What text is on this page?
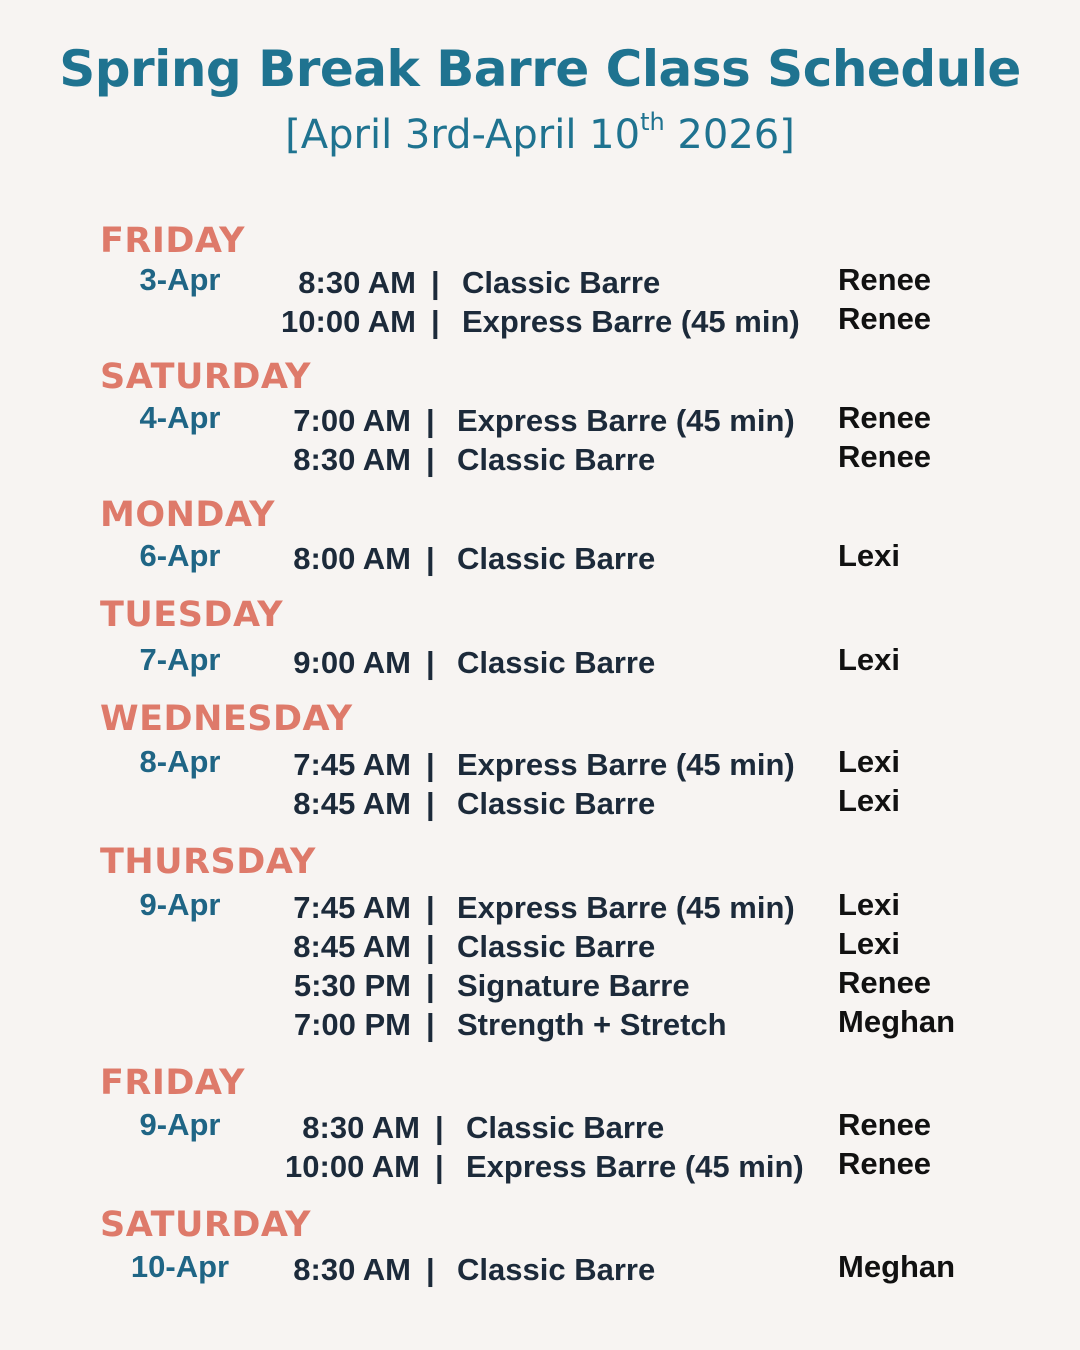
Spring Break Barre Class Schedule

[April 3rd-April 10th 2026]

FRIDAY
3-Apr	8:30 AM | Classic Barre	Renee
10:00 AM | Express Barre (45 min) Renee
SATURDAY
4-Apr	7:00 AM | Express Barre (45 min) Renee
8:30 AM | Classic Barre	Renee
MONDAY
6-Apr	8:00 AM | Classic Barre	Lexi
TUESDAY
7-Apr	9:00 AM | Classic Barre	Lexi
WEDNESDAY
8-Apr	7:45 AM | Express Barre (45 min) Lexi
8:45 AM | Classic Barre	Lexi
THURSDAY
9-Apr	7:45 AM | Express Barre (45 min) Lexi
8:45 AM | Classic Barre	Lexi
5:30 PM | Signature Barre	Renee
7:00 PM | Strength + Stretch	Meghan
FRIDAY
9-Apr	8:30 AM | Classic Barre	Renee
10:00 AM | Express Barre (45 min) Renee
SATURDAY
10-Apr	8:30 AM | Classic Barre	Meghan
